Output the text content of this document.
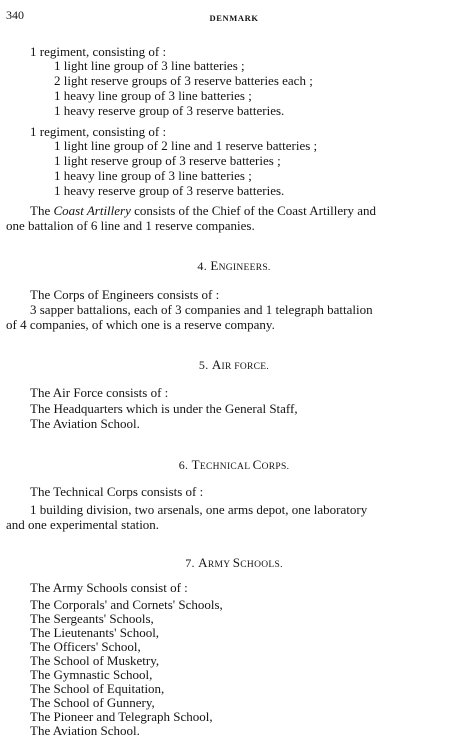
340	DENMARK
1 regiment, consisting of :
1 light line group of 3 line batteries ;
2 light reserve groups of 3 reserve batteries each ;
1 heavy line group of 3 line batteries ;
1 heavy reserve group of 3 reserve batteries.
1 regiment, consisting of :
1 light line group of 2 line and 1 reserve batteries ;
1 light reserve group of 3 reserve batteries ;
1 heavy line group of 3 line batteries ;
1 heavy reserve group of 3 reserve batteries.
The Coast Artillery consists of the Chief of the Coast Artillery and
one battalion of 6 line and 1 reserve companies.
4. ENGINEERS.
The Corps of Engineers consists of :
3 sapper battalions, each of 3 companies and 1 telegraph battalion
of 4 companies, of which one is a reserve company.
5. AIR FORCE.
The Air Force consists of :
The Headquarters which is under the General Staff,
The Aviation School.
6. TECHNICAL CORPS.
The Technical Corps consists of :
1 building division, two arsenals, one arms depot, one laboratory
and one experimental station.
7. ARMY SCHOOLS.
The Army Schools consist of :
The Corporals' and Cornets' Schools,
The Sergeants' Schools,
The Lieutenants' School,
The Officers' School,
The School of Musketry,
The Gymnastic School,
The School of Equitation,
The School of Gunnery,
The Pioneer and Telegraph School,
The Aviation School.
